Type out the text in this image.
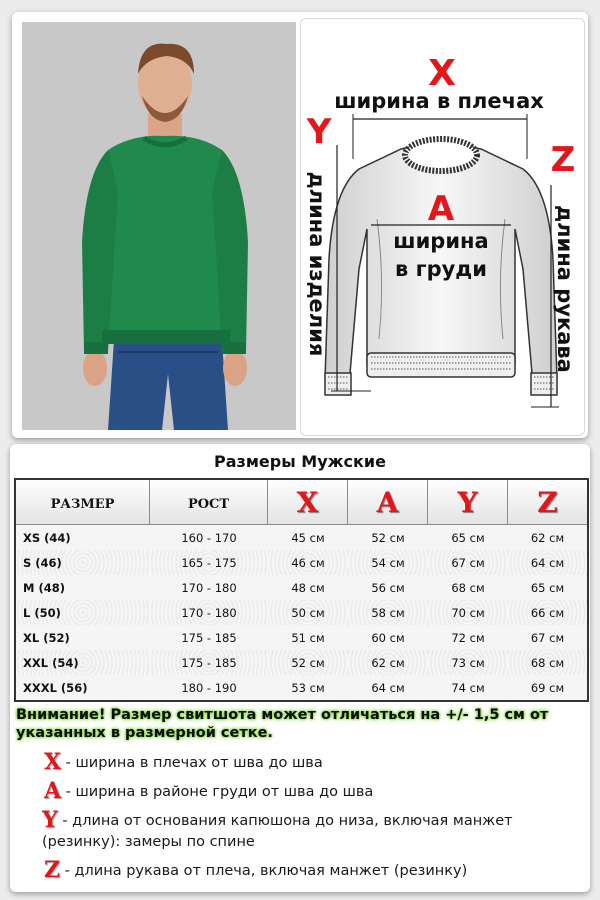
X
ширина в плечах
Y
длина изделия
Z
длина рукава
A
ширина
в груди
Размеры Мужские
РАЗМЕР	РОСТ	X	A	Y	Z
XS (44)	160 - 170	45 см	52 см	65 см	62 см
S (46)	165 - 175	46 см	54 см	67 см	64 см
M (48)	170 - 180	48 см	56 см	68 см	65 см
L (50)	170 - 180	50 см	58 см	70 см	66 см
XL (52)	175 - 185	51 см	60 см	72 см	67 см
XXL (54)	175 - 185	52 см	62 см	73 см	68 см
XXXL (56)	180 - 190	53 см	64 см	74 см	69 см
Внимание! Размер свитшота может отличаться на +/- 1,5 см от указанных в размерной сетке.
X - ширина в плечах от шва до шва
A - ширина в районе груди от шва до шва
Y - длина от основания капюшона до низа, включая манжет (резинку): замеры по спине
Z - длина рукава от плеча, включая манжет (резинку)
